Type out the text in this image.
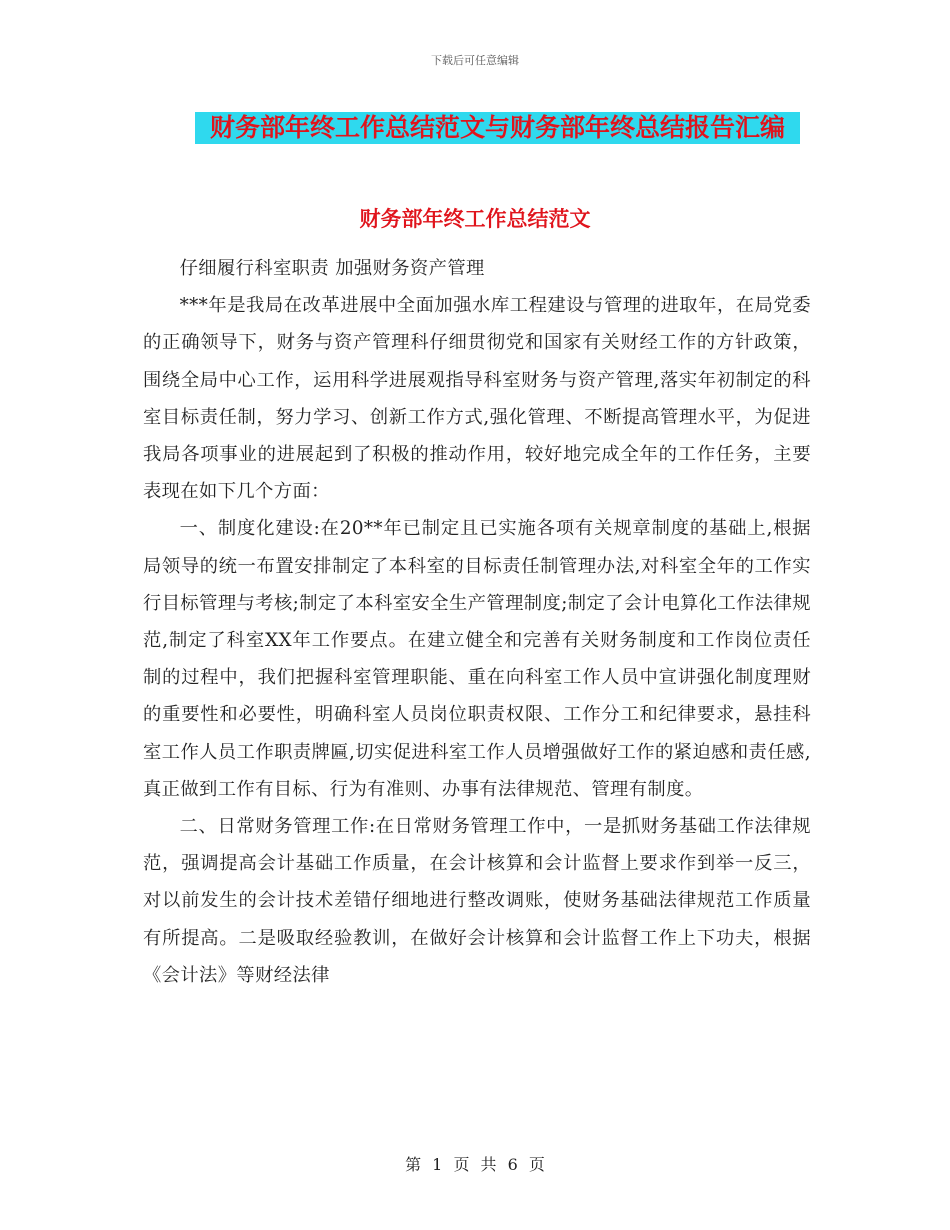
下载后可任意编辑
财务部年终工作总结范文与财务部年终总结报告汇编
财务部年终工作总结范文

仔细履行科室职责 加强财务资产管理

***年是我局在改革进展中全面加强水库工程建设与管理的进取年，在局党委的正确领导下，财务与资产管理科仔细贯彻党和国家有关财经工作的方针政策，围绕全局中心工作，运用科学进展观指导科室财务与资产管理,落实年初制定的科室目标责任制，努力学习、创新工作方式,强化管理、不断提高管理水平，为促进我局各项事业的进展起到了积极的推动作用，较好地完成全年的工作任务，主要表现在如下几个方面：

一、制度化建设:在20**年已制定且已实施各项有关规章制度的基础上,根据局领导的统一布置安排制定了本科室的目标责任制管理办法,对科室全年的工作实行目标管理与考核;制定了本科室安全生产管理制度;制定了会计电算化工作法律规范,制定了科室XX年工作要点。在建立健全和完善有关财务制度和工作岗位责任制的过程中，我们把握科室管理职能、重在向科室工作人员中宣讲强化制度理财的重要性和必要性，明确科室人员岗位职责权限、工作分工和纪律要求，悬挂科室工作人员工作职责牌匾,切实促进科室工作人员增强做好工作的紧迫感和责任感,真正做到工作有目标、行为有准则、办事有法律规范、管理有制度。

二、日常财务管理工作:在日常财务管理工作中，一是抓财务基础工作法律规范，强调提高会计基础工作质量，在会计核算和会计监督上要求作到举一反三，对以前发生的会计技术差错仔细地进行整改调账，使财务基础法律规范工作质量有所提高。二是吸取经验教训，在做好会计核算和会计监督工作上下功夫，根据《会计法》等财经法律

第 1 页 共 6 页
